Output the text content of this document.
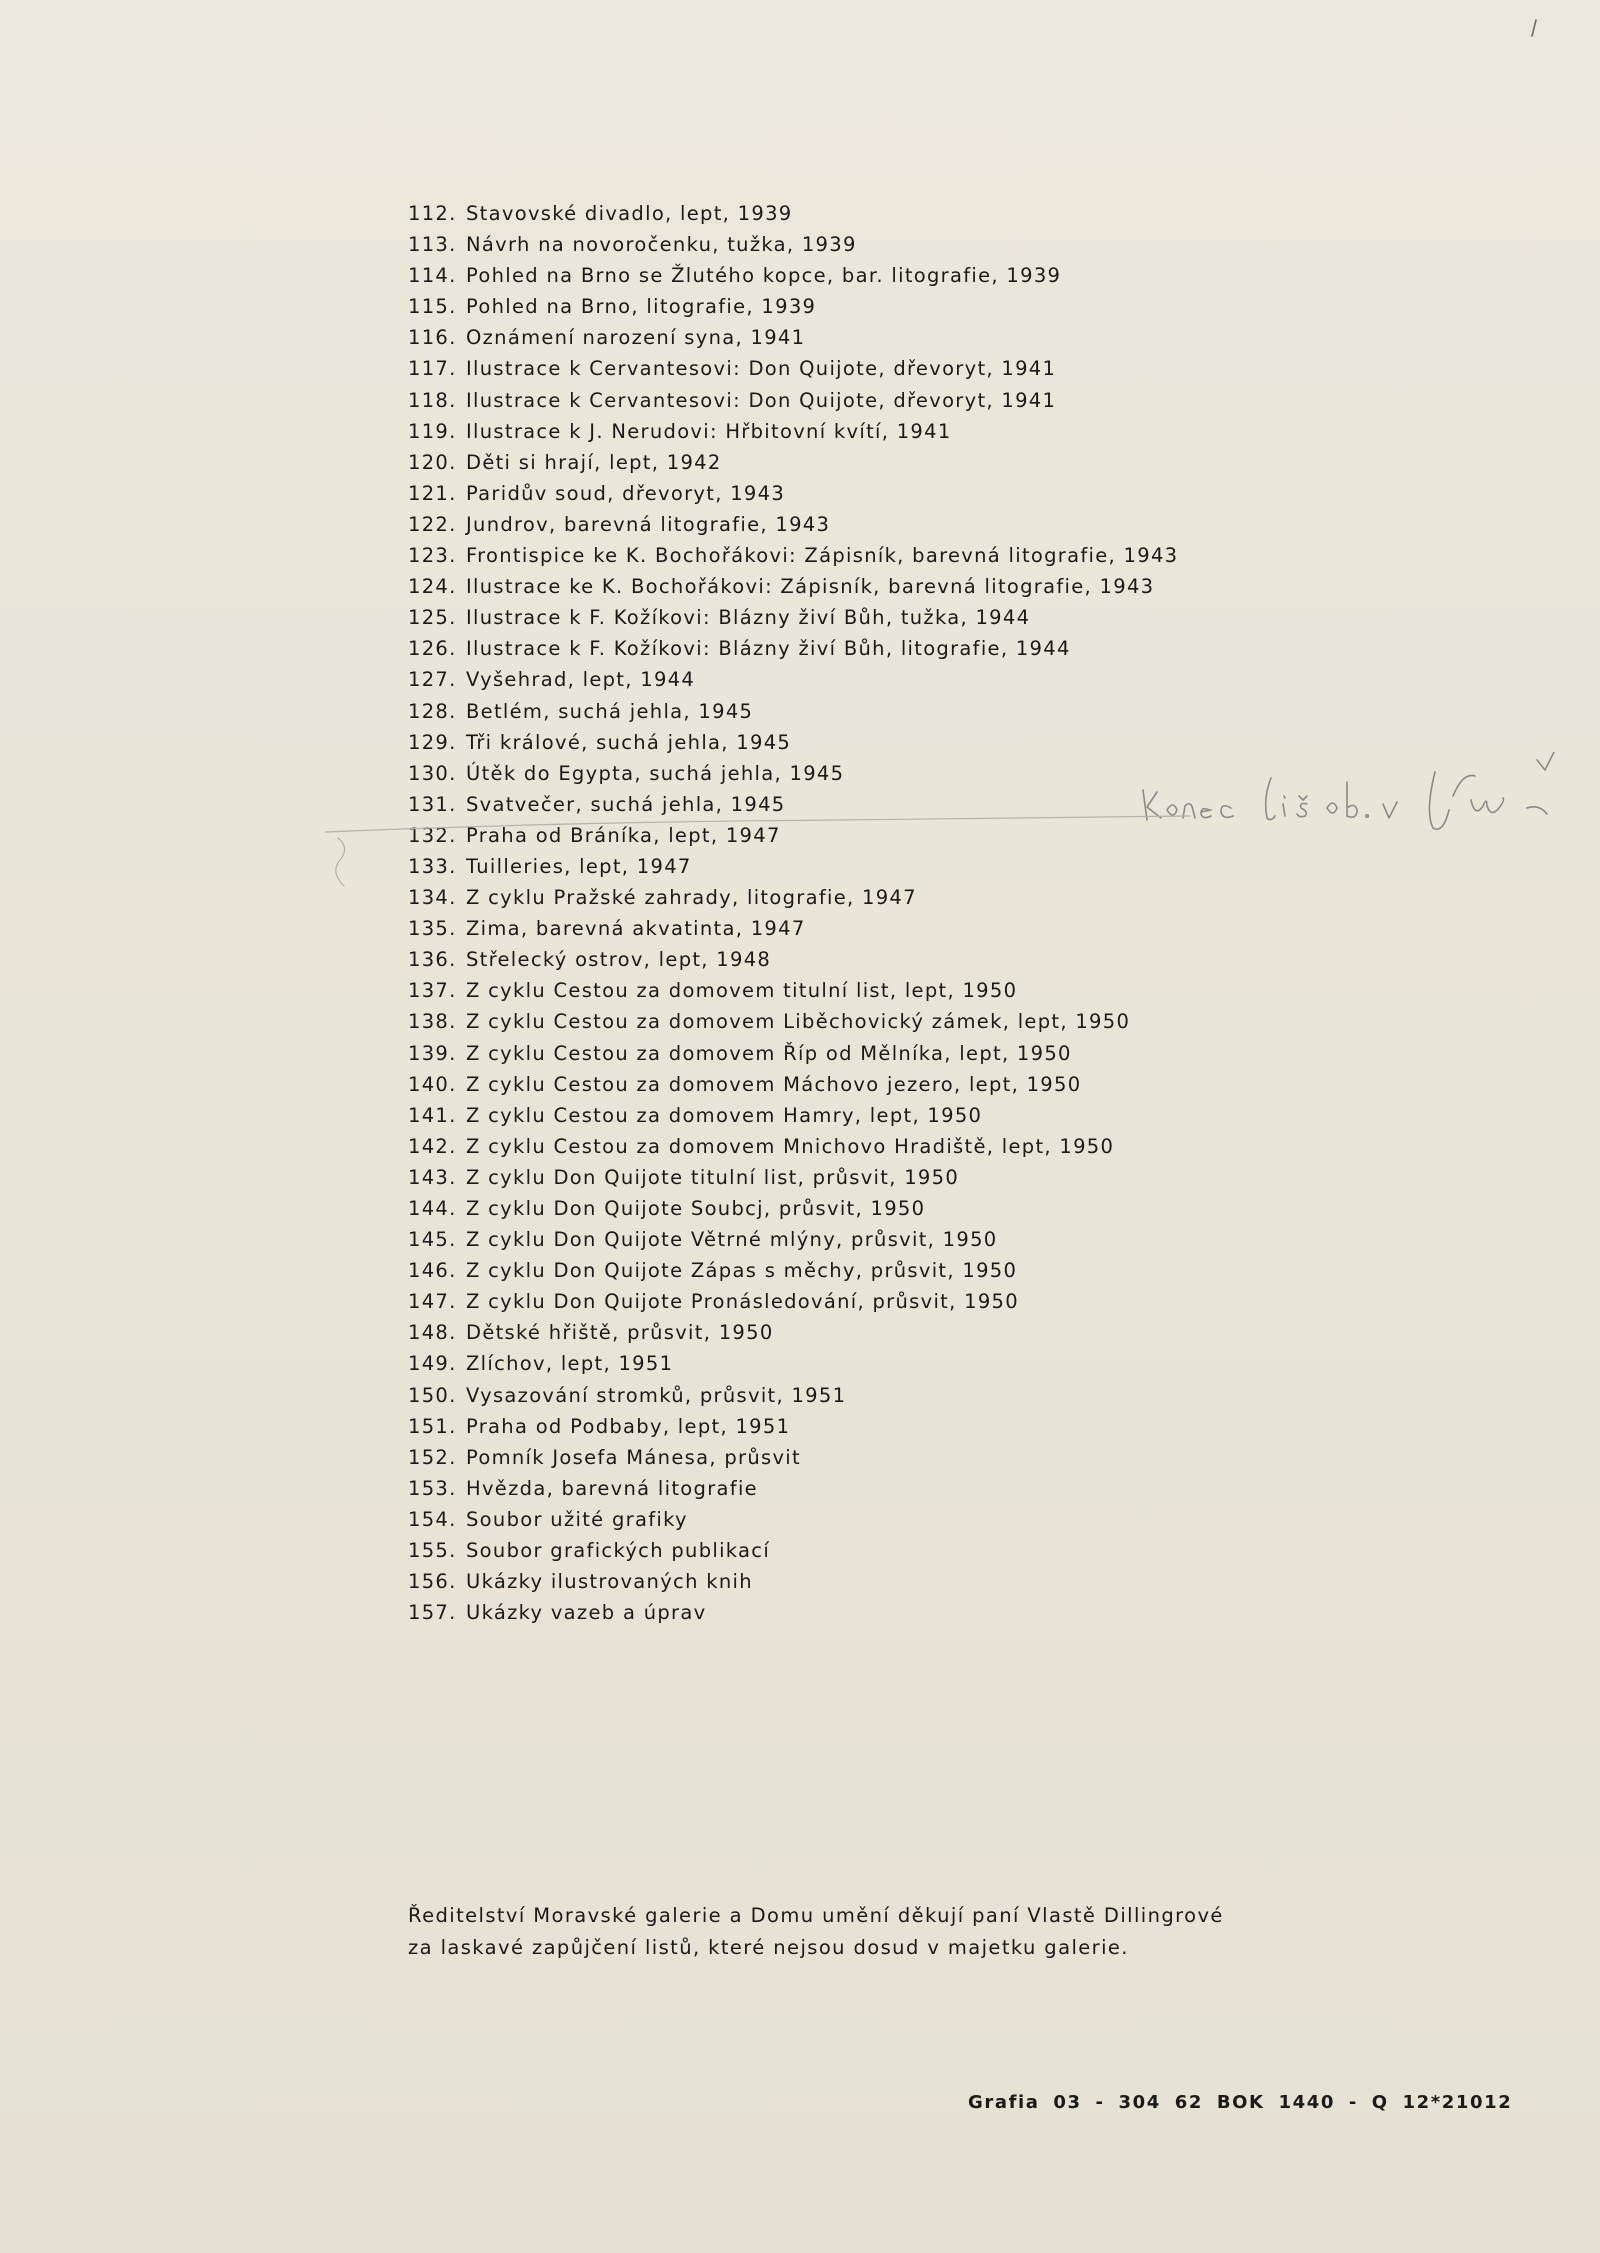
112. Stavovské divadlo, lept, 1939
113. Návrh na novoročenku, tužka, 1939
114. Pohled na Brno se Žlutého kopce, bar. litografie, 1939
115. Pohled na Brno, litografie, 1939
116. Oznámení narození syna, 1941
117. Ilustrace k Cervantesovi: Don Quijote, dřevoryt, 1941
118. Ilustrace k Cervantesovi: Don Quijote, dřevoryt, 1941
119. Ilustrace k J. Nerudovi: Hřbitovní kvítí, 1941
120. Děti si hrají, lept, 1942
121. Paridův soud, dřevoryt, 1943
122. Jundrov, barevná litografie, 1943
123. Frontispice ke K. Bochořákovi: Zápisník, barevná litografie, 1943
124. Ilustrace ke K. Bochořákovi: Zápisník, barevná litografie, 1943
125. Ilustrace k F. Kožíkovi: Blázny živí Bůh, tužka, 1944
126. Ilustrace k F. Kožíkovi: Blázny živí Bůh, litografie, 1944
127. Vyšehrad, lept, 1944
128. Betlém, suchá jehla, 1945
129. Tři králové, suchá jehla, 1945
130. Útěk do Egypta, suchá jehla, 1945
131. Svatvečer, suchá jehla, 1945
132. Praha od Bráníka, lept, 1947
133. Tuilleries, lept, 1947
134. Z cyklu Pražské zahrady, litografie, 1947
135. Zima, barevná akvatinta, 1947
136. Střelecký ostrov, lept, 1948
137. Z cyklu Cestou za domovem titulní list, lept, 1950
138. Z cyklu Cestou za domovem Liběchovický zámek, lept, 1950
139. Z cyklu Cestou za domovem Říp od Mělníka, lept, 1950
140. Z cyklu Cestou za domovem Máchovo jezero, lept, 1950
141. Z cyklu Cestou za domovem Hamry, lept, 1950
142. Z cyklu Cestou za domovem Mnichovo Hradiště, lept, 1950
143. Z cyklu Don Quijote titulní list, průsvit, 1950
144. Z cyklu Don Quijote Soubcj, průsvit, 1950
145. Z cyklu Don Quijote Větrné mlýny, průsvit, 1950
146. Z cyklu Don Quijote Zápas s měchy, průsvit, 1950
147. Z cyklu Don Quijote Pronásledování, průsvit, 1950
148. Dětské hřiště, průsvit, 1950
149. Zlíchov, lept, 1951
150. Vysazování stromků, průsvit, 1951
151. Praha od Podbaby, lept, 1951
152. Pomník Josefa Mánesa, průsvit
153. Hvězda, barevná litografie
154. Soubor užité grafiky
155. Soubor grafických publikací
156. Ukázky ilustrovaných knih
157. Ukázky vazeb a úprav

Ředitelství Moravské galerie a Domu umění děkují paní Vlastě Dillingrové

za laskavé zapůjčení listů, které nejsou dosud v majetku galerie.

Grafia 03 - 304 62 BOK 1440 - Q 12*21012
